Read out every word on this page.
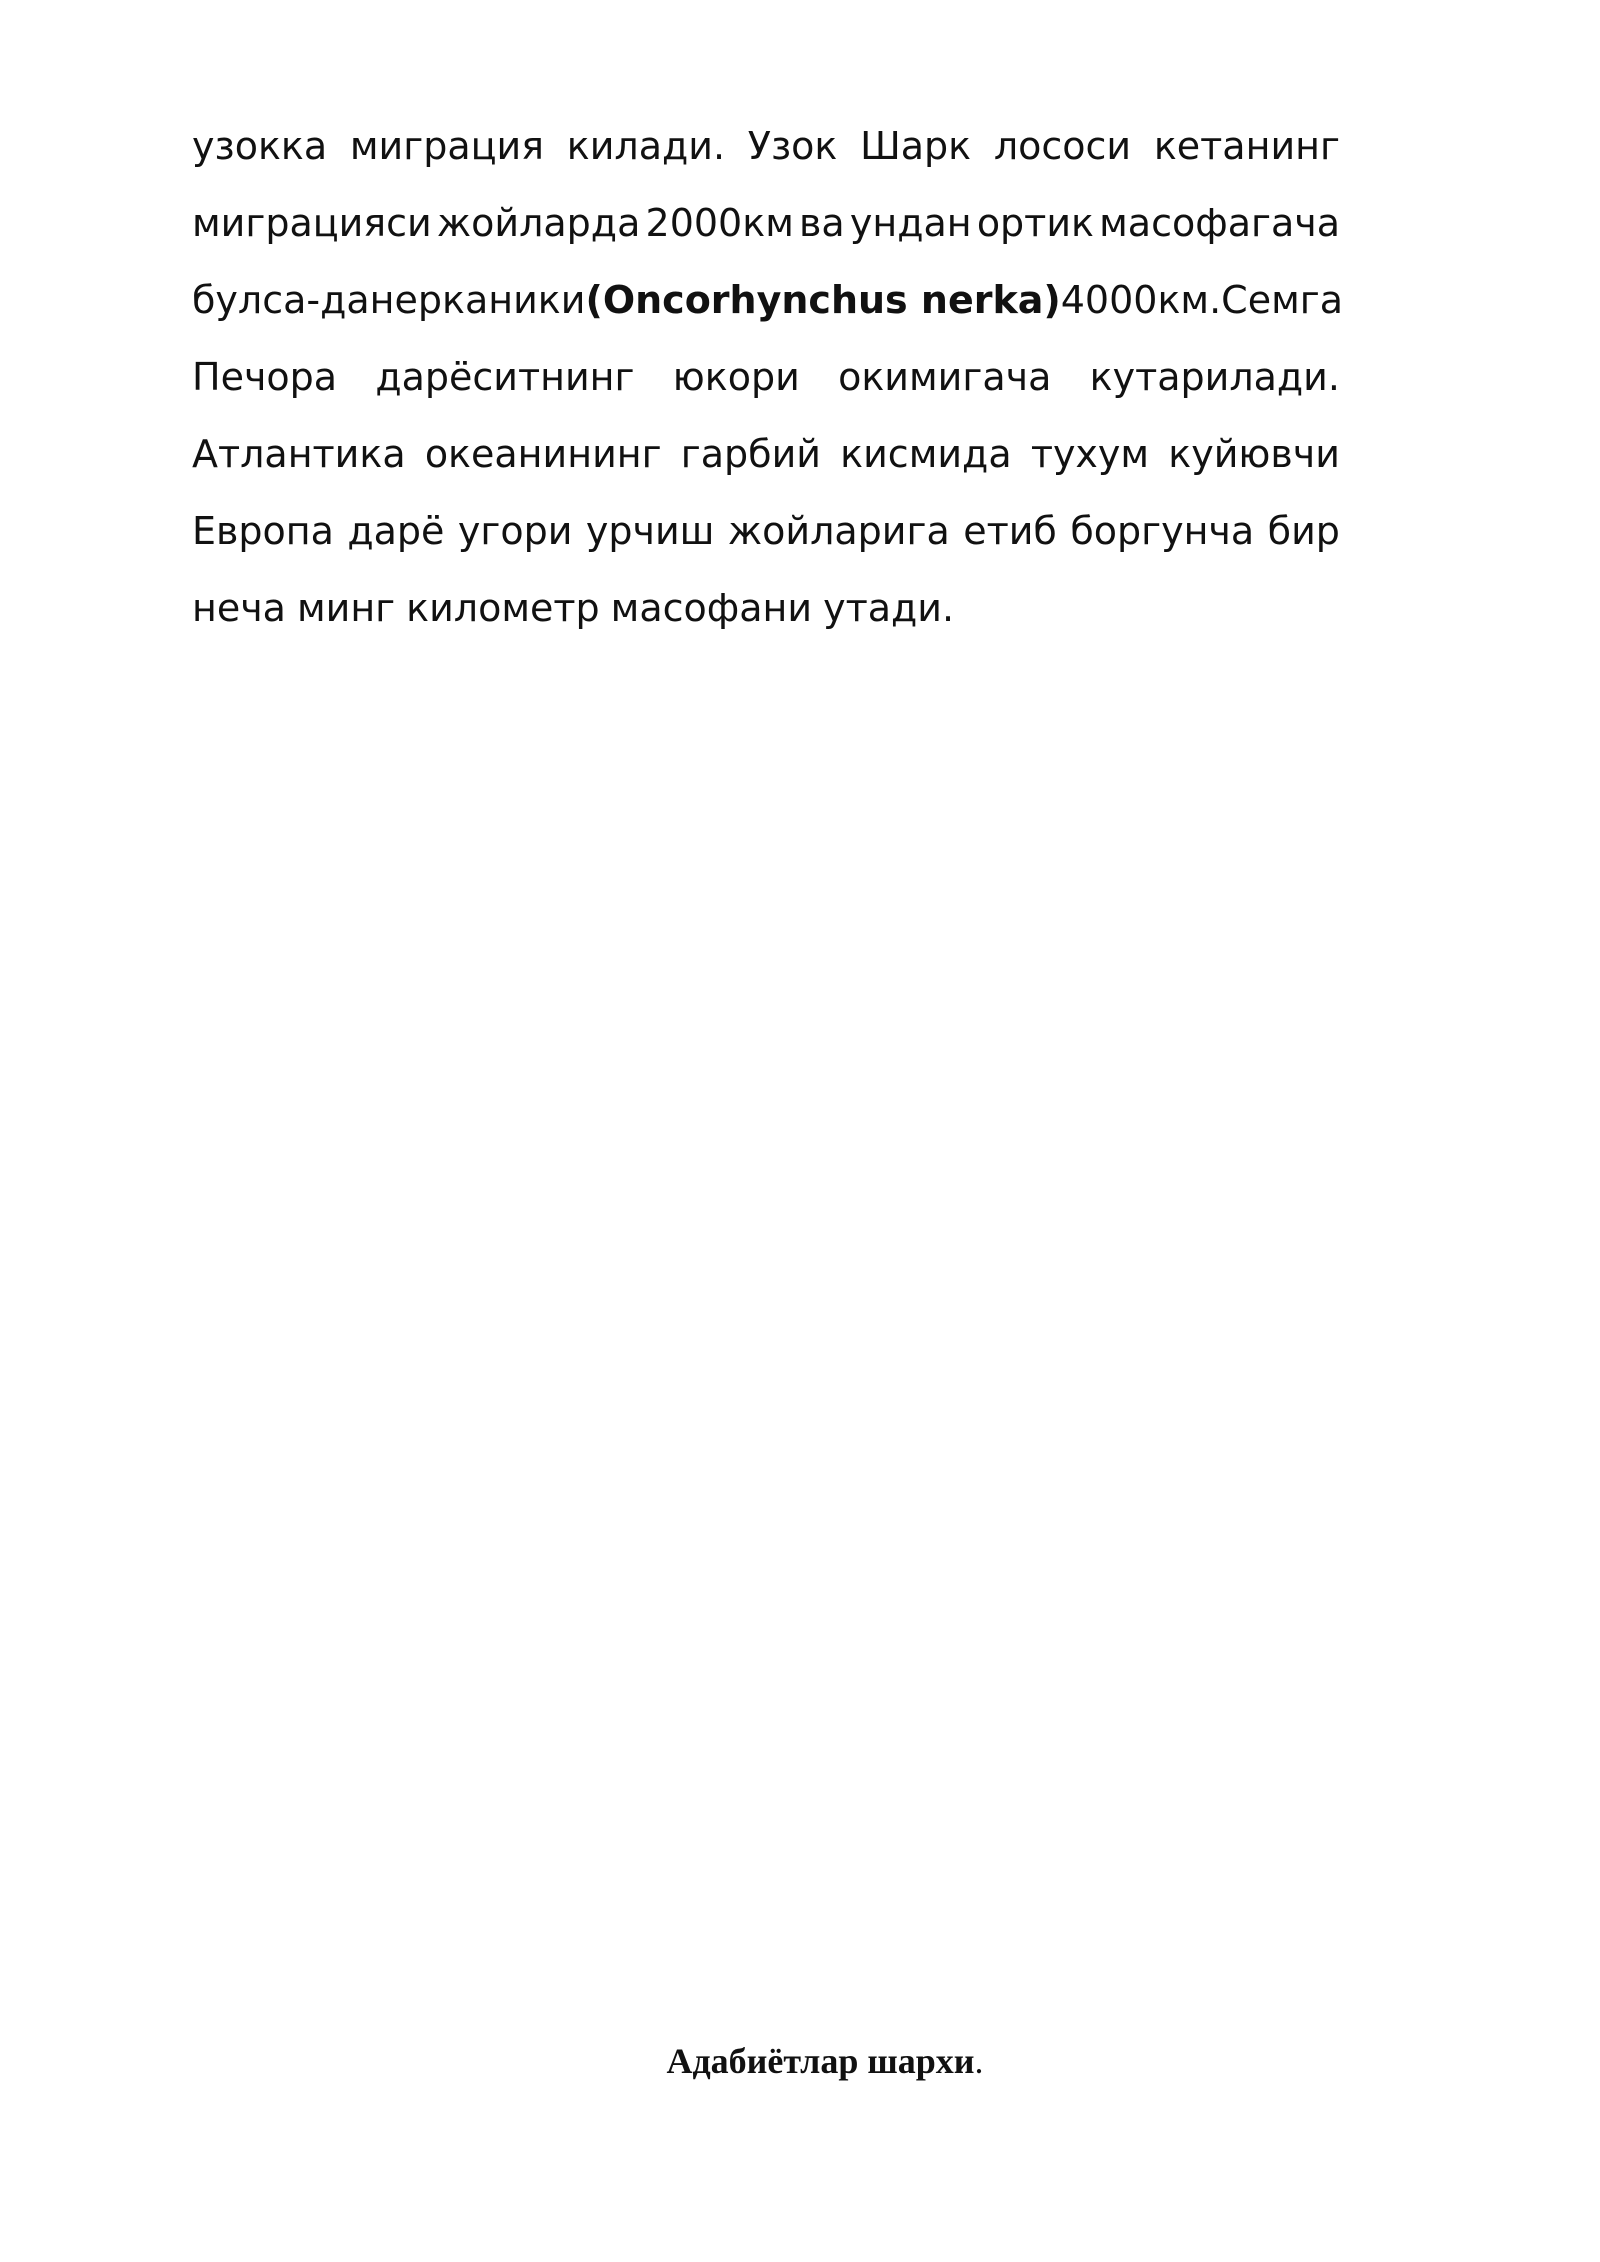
узокка миграция килади. Узок Шарк лососи кетанинг
миграцияси жойларда 2000км ва ундан ортик масофагача
булса-да нерканики (Oncorhynchus nerka) 4000км. Семга
Печора дарёситнинг юкори окимигача кутарилади.
Атлантика океанининг гарбий кисмида тухум куйювчи
Европа дарё угори урчиш жойларига етиб боргунча бир
неча минг километр масофани утади.

Адабиётлар шархи.
